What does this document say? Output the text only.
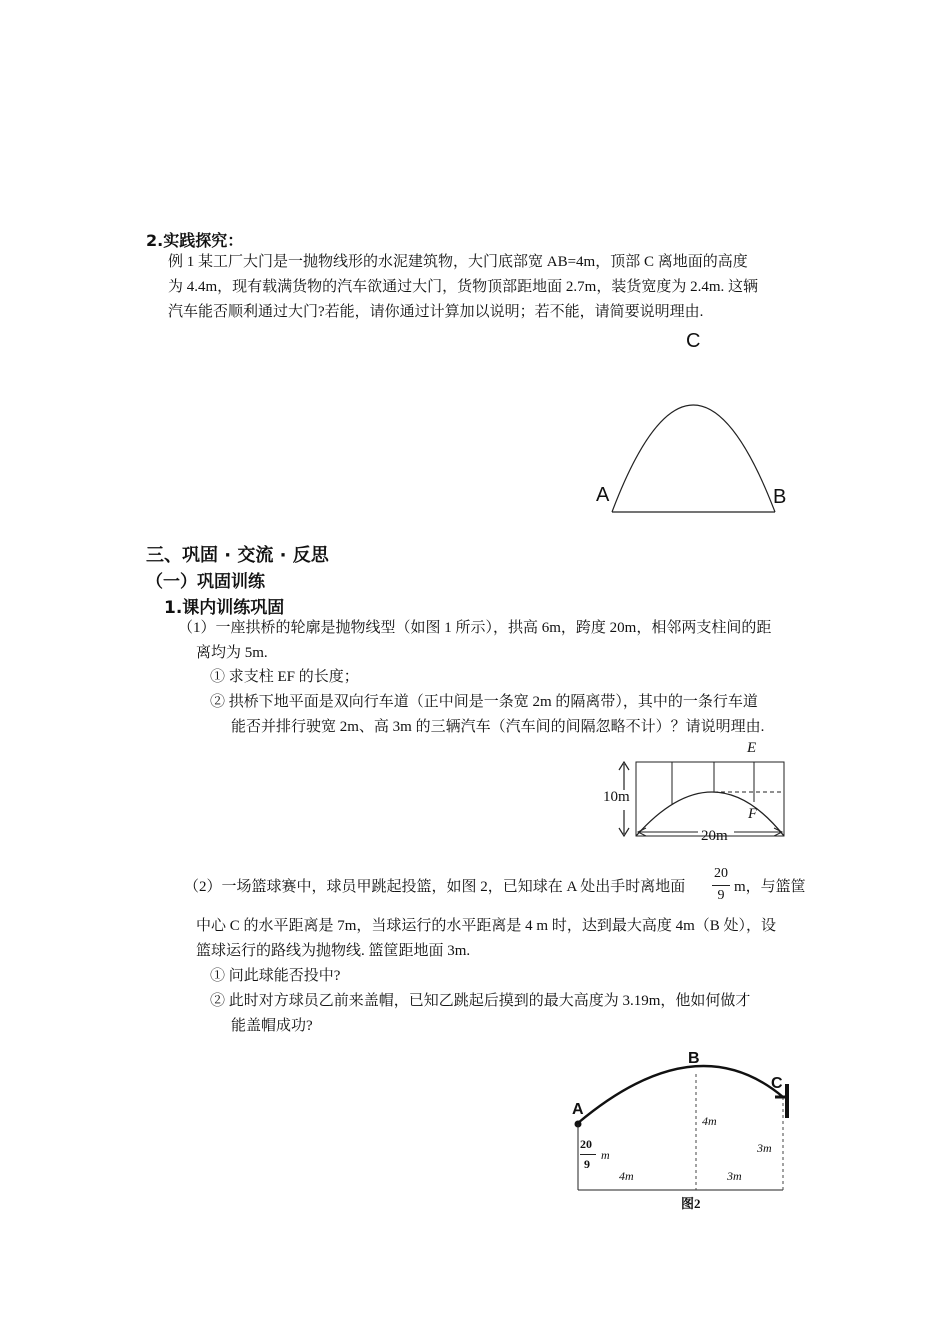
2.实践探究：
例 1 某工厂大门是一抛物线形的水泥建筑物，大门底部宽 AB=4m，顶部 C 离地面的高度
为 4.4m，现有载满货物的汽车欲通过大门，货物顶部距地面 2.7m，装货宽度为 2.4m. 这辆
汽车能否顺利通过大门?若能，请你通过计算加以说明；若不能，请简要说明理由.
C
A	B
三、巩固 · 交流 · 反思
（一）巩固训练
1.课内训练巩固
（1）一座拱桥的轮廓是抛物线型（如图 1 所示），拱高 6m，跨度 20m，相邻两支柱间的距
离均为 5m.
① 求支柱 EF 的长度；
② 拱桥下地平面是双向行车道（正中间是一条宽 2m 的隔离带），其中的一条行车道
能否并排行驶宽 2m、高 3m 的三辆汽车（汽车间的间隔忽略不计）？请说明理由.
E
F
10m
20m
（2）一场篮球赛中，球员甲跳起投篮，如图 2，已知球在 A 处出手时离地面
20
9
m，与篮筐
中心 C 的水平距离是 7m，当球运行的水平距离是 4 m 时，达到最大高度 4m（B 处），设
篮球运行的路线为抛物线. 篮筐距地面 3m.
① 问此球能否投中?
② 此时对方球员乙前来盖帽，已知乙跳起后摸到的最大高度为 3.19m，他如何做才
能盖帽成功?
A
B
C
4m
3m
4m	3m
20
9
m
图2
